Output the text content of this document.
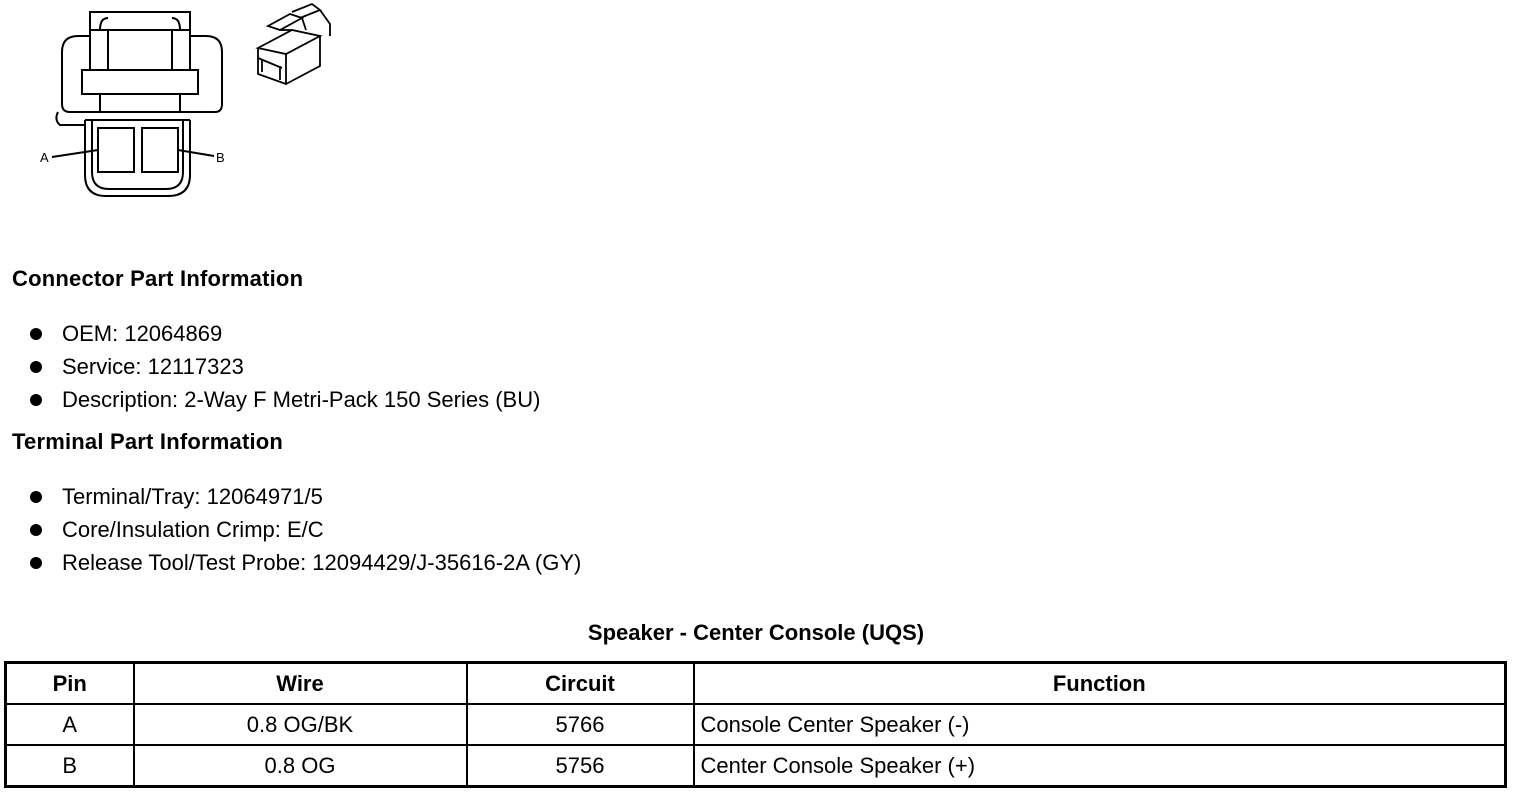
A	B
Connector Part Information
OEM: 12064869
Service: 12117323
Description: 2-Way F Metri-Pack 150 Series (BU)
Terminal Part Information
Terminal/Tray: 12064971/5
Core/Insulation Crimp: E/C
Release Tool/Test Probe: 12094429/J-35616-2A (GY)
Speaker - Center Console (UQS)
Pin	Wire	Circuit	Function
A	0.8 OG/BK	5766	Console Center Speaker (-)
B	0.8 OG	5756	Center Console Speaker (+)
